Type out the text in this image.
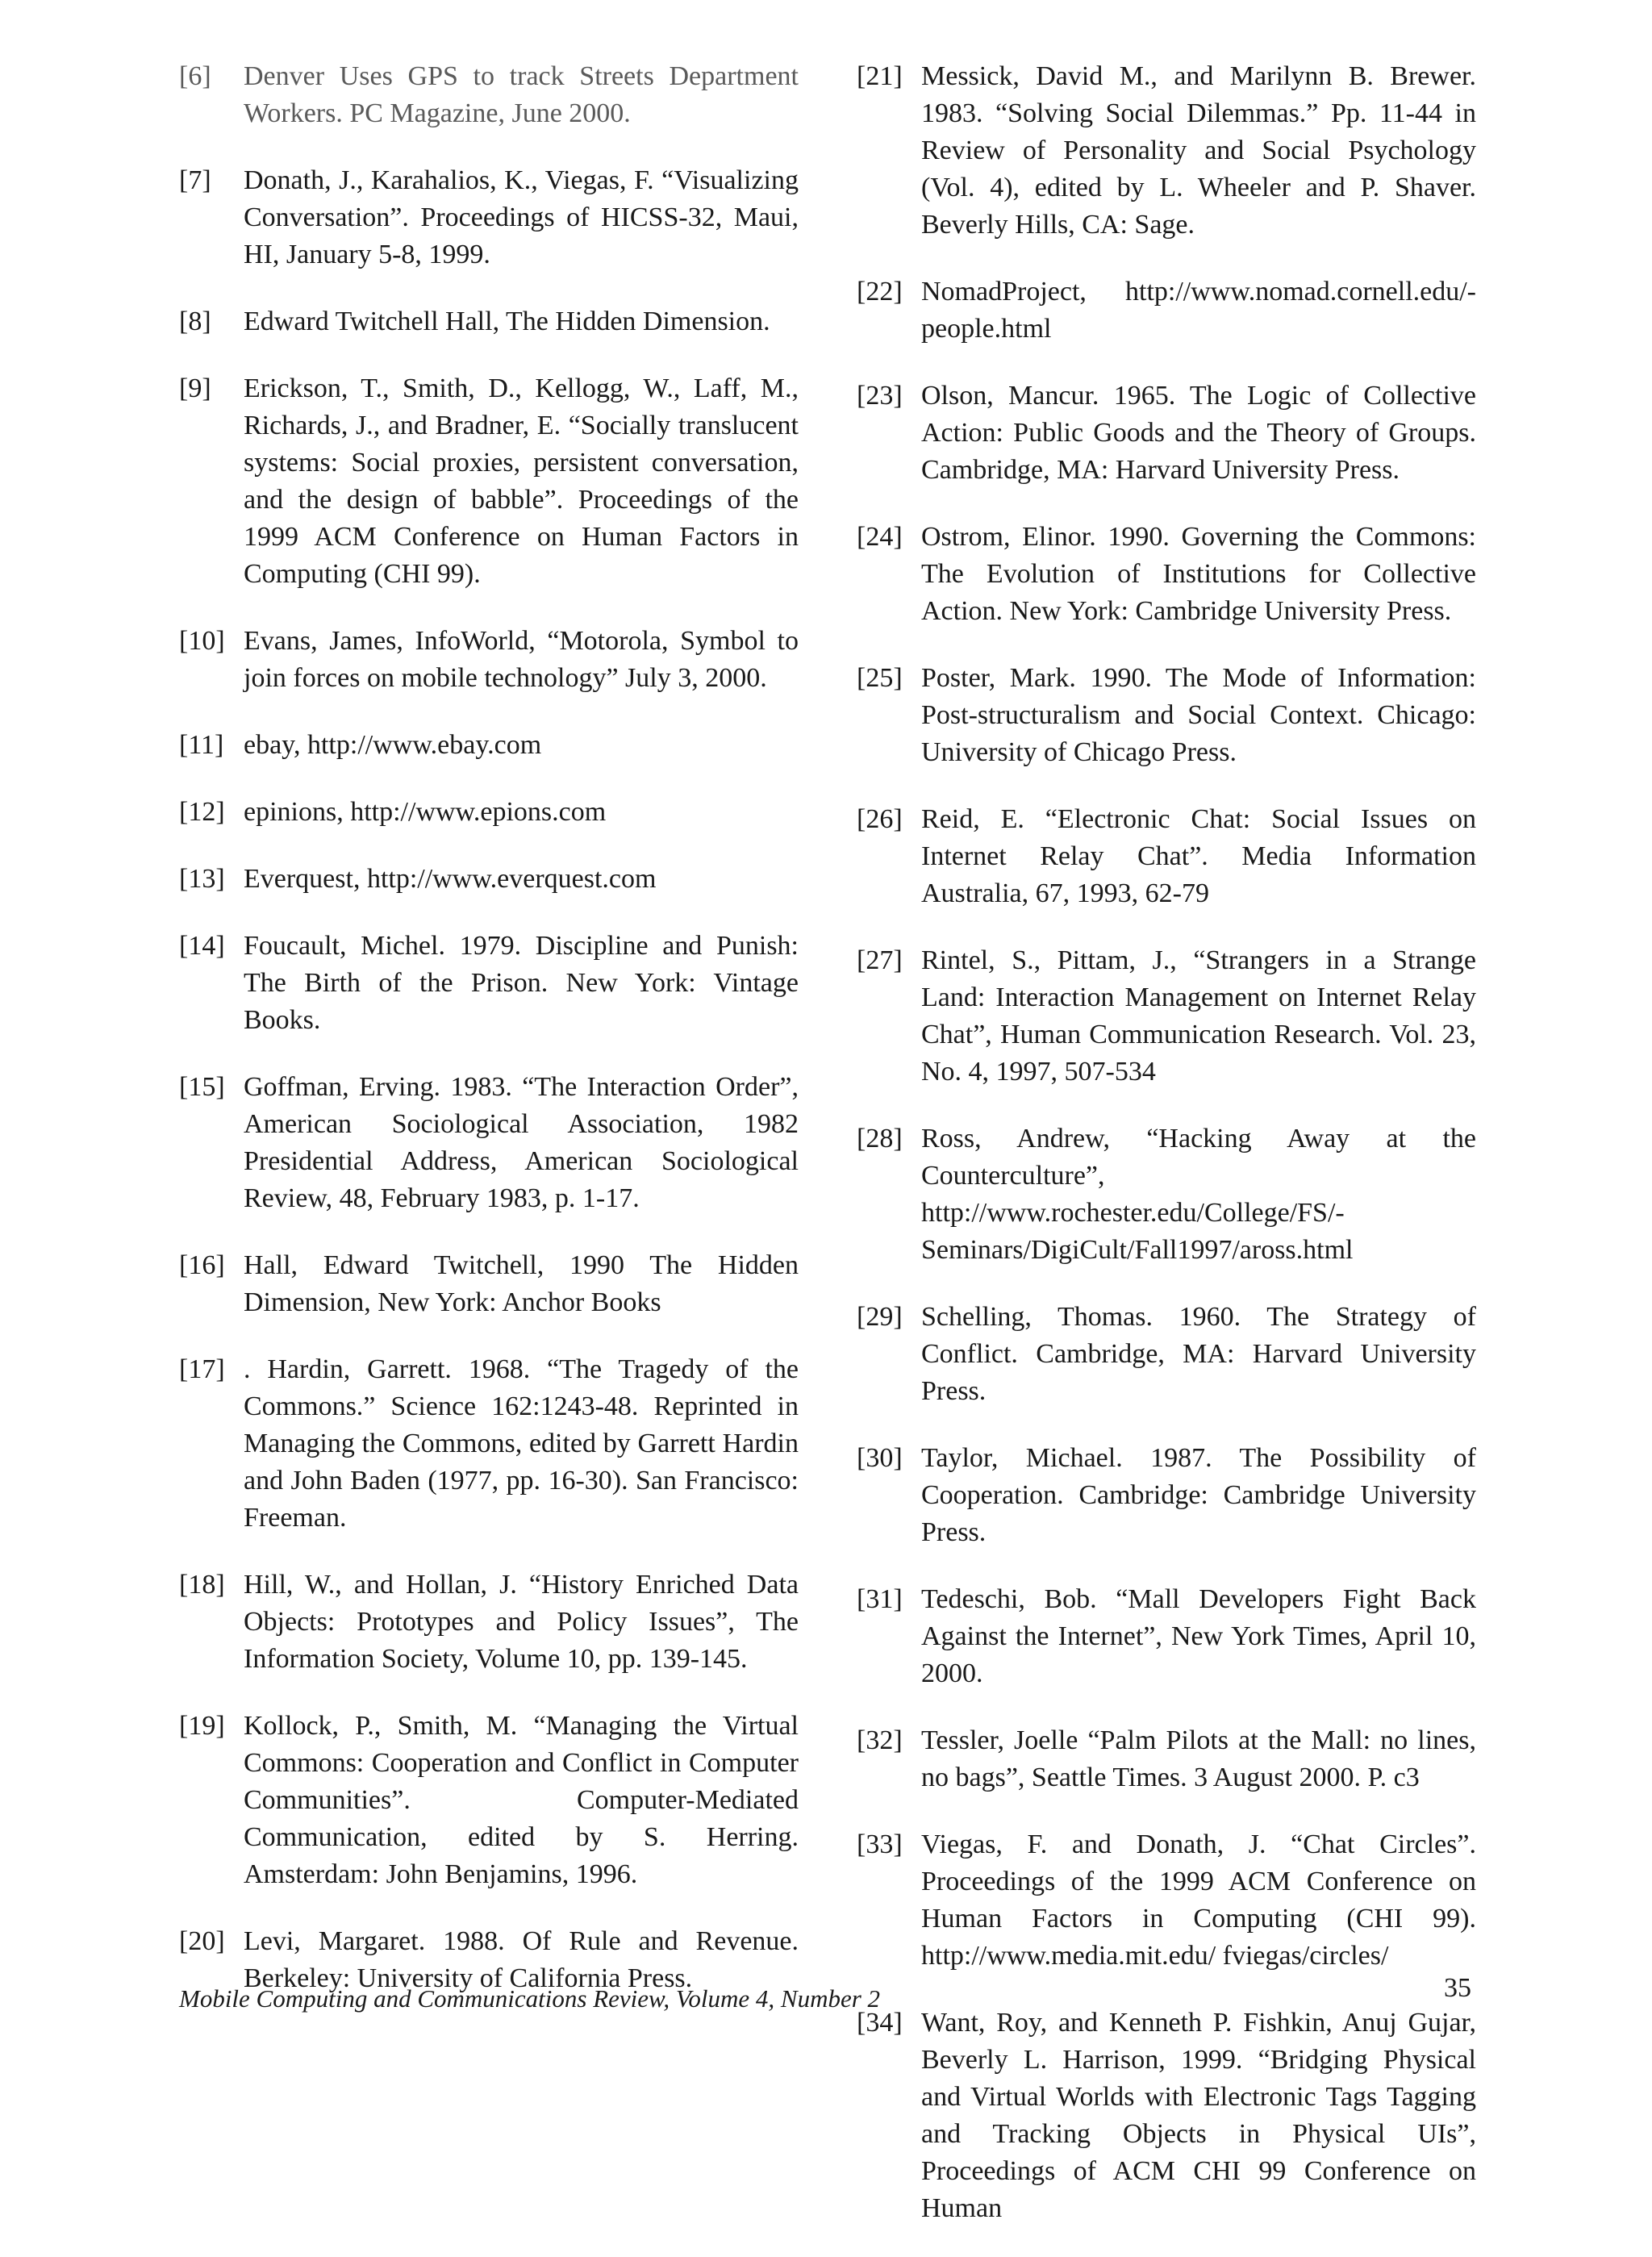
[6] Denver Uses GPS to track Streets Department Workers. PC Magazine, June 2000.
[7] Donath, J., Karahalios, K., Viegas, F. “Visualizing Conversation”. Proceedings of HICSS-32, Maui, HI, January 5-8, 1999.
[8] Edward Twitchell Hall, The Hidden Dimension.
[9] Erickson, T., Smith, D., Kellogg, W., Laff, M., Richards, J., and Bradner, E. “Socially translucent systems: Social proxies, persistent conversation, and the design of babble”. Proceedings of the 1999 ACM Conference on Human Factors in Computing (CHI 99).
[10] Evans, James, InfoWorld, “Motorola, Symbol to join forces on mobile technology” July 3, 2000.
[11] ebay, http://www.ebay.com
[12] epinions, http://www.epions.com
[13] Everquest, http://www.everquest.com
[14] Foucault, Michel. 1979. Discipline and Punish: The Birth of the Prison. New York: Vintage Books.
[15] Goffman, Erving. 1983. “The Interaction Order”, American Sociological Association, 1982 Presidential Address, American Sociological Review, 48, February 1983, p. 1-17.
[16] Hall, Edward Twitchell, 1990 The Hidden Dimension, New York: Anchor Books
[17] . Hardin, Garrett. 1968. “The Tragedy of the Commons.” Science 162:1243-48. Reprinted in Managing the Commons, edited by Garrett Hardin and John Baden (1977, pp. 16-30). San Francisco: Freeman.
[18] Hill, W., and Hollan, J. “History Enriched Data Objects: Prototypes and Policy Issues”, The Information Society, Volume 10, pp. 139-145.
[19] Kollock, P., Smith, M. “Managing the Virtual Commons: Cooperation and Conflict in Computer Communities”. Computer-Mediated Communication, edited by S. Herring. Amsterdam: John Benjamins, 1996.
[20] Levi, Margaret. 1988. Of Rule and Revenue. Berkeley: University of California Press.
[21] Messick, David M., and Marilynn B. Brewer. 1983. “Solving Social Dilemmas.” Pp. 11-44 in Review of Personality and Social Psychology (Vol. 4), edited by L. Wheeler and P. Shaver. Beverly Hills, CA: Sage.
[22] NomadProject, http://www.nomad.cornell.edu/-people.html
[23] Olson, Mancur. 1965. The Logic of Collective Action: Public Goods and the Theory of Groups. Cambridge, MA: Harvard University Press.
[24] Ostrom, Elinor. 1990. Governing the Commons: The Evolution of Institutions for Collective Action. New York: Cambridge University Press.
[25] Poster, Mark. 1990. The Mode of Information: Post-structuralism and Social Context. Chicago: University of Chicago Press.
[26] Reid, E. “Electronic Chat: Social Issues on Internet Relay Chat”. Media Information Australia, 67, 1993, 62-79
[27] Rintel, S., Pittam, J., “Strangers in a Strange Land: Interaction Management on Internet Relay Chat”, Human Communication Research. Vol. 23, No. 4, 1997, 507-534
[28] Ross, Andrew, “Hacking Away at the Counterculture”, http://www.rochester.edu/College/FS/-Seminars/DigiCult/Fall1997/aross.html
[29] Schelling, Thomas. 1960. The Strategy of Conflict. Cambridge, MA: Harvard University Press.
[30] Taylor, Michael. 1987. The Possibility of Cooperation. Cambridge: Cambridge University Press.
[31] Tedeschi, Bob. “Mall Developers Fight Back Against the Internet”, New York Times, April 10, 2000.
[32] Tessler, Joelle “Palm Pilots at the Mall: no lines, no bags”, Seattle Times. 3 August 2000. P. c3
[33] Viegas, F. and Donath, J. “Chat Circles”. Proceedings of the 1999 ACM Conference on Human Factors in Computing (CHI 99). http://www.media.mit.edu/ fviegas/circles/
[34] Want, Roy, and Kenneth P. Fishkin, Anuj Gujar, Beverly L. Harrison, 1999. “Bridging Physical and Virtual Worlds with Electronic Tags Tagging and Tracking Objects in Physical UIs”, Proceedings of ACM CHI 99 Conference on Human
Mobile Computing and Communications Review, Volume 4, Number 2	35
